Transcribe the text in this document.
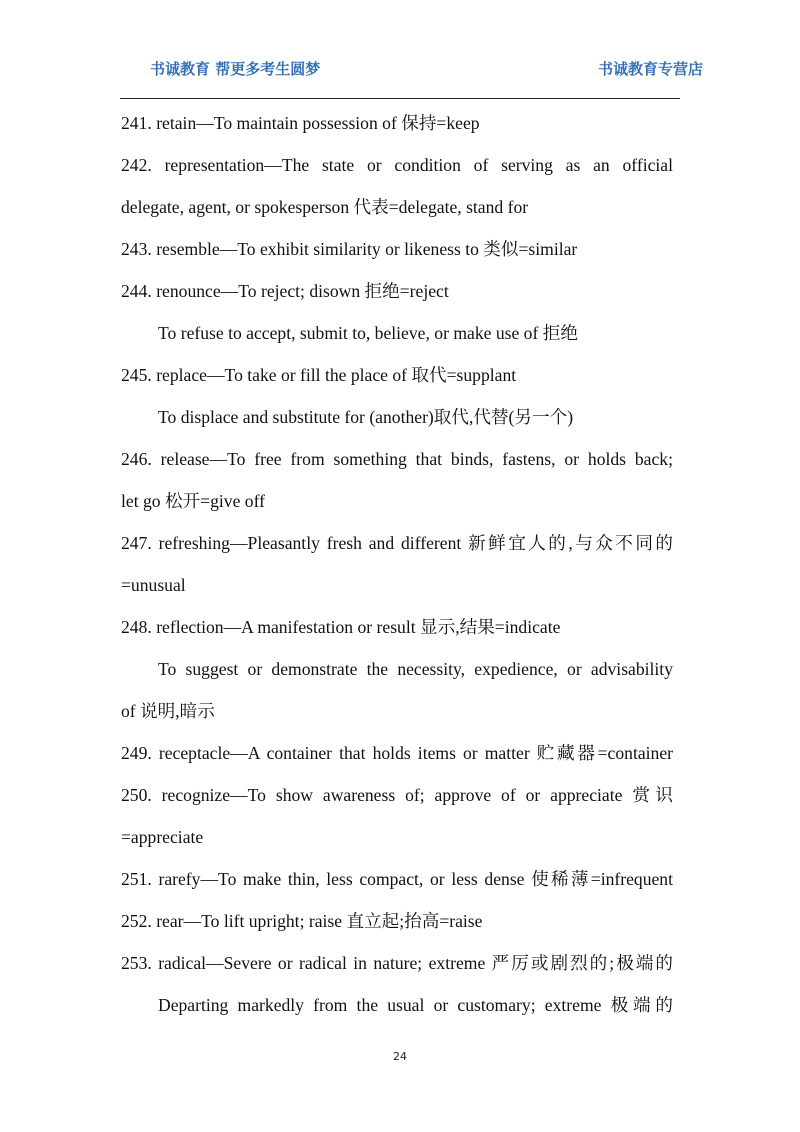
书诚教育 帮更多考生圆梦	书诚教育专营店
241. retain—To maintain possession of 保持=keep
242. representation—The state or condition of serving as an official
delegate, agent, or spokesperson 代表=delegate, stand for
243. resemble—To exhibit similarity or likeness to 类似=similar
244. renounce—To reject; disown 拒绝=reject
To refuse to accept, submit to, believe, or make use of 拒绝
245. replace—To take or fill the place of 取代=supplant
To displace and substitute for (another)取代,代替(另一个)
246. release—To free from something that binds, fastens, or holds back;
let go 松开=give off
247. refreshing—Pleasantly fresh and different 新鲜宜人的,与众不同的
=unusual
248. reflection—A manifestation or result 显示,结果=indicate
To suggest or demonstrate the necessity, expedience, or advisability
of 说明,暗示
249. receptacle—A container that holds items or matter 贮藏器=container
250. recognize—To show awareness of; approve of or appreciate 赏识
=appreciate
251. rarefy—To make thin, less compact, or less dense 使稀薄=infrequent
252. rear—To lift upright; raise 直立起;抬高=raise
253. radical—Severe or radical in nature; extreme 严厉或剧烈的;极端的
Departing markedly from the usual or customary; extreme 极端的
24
